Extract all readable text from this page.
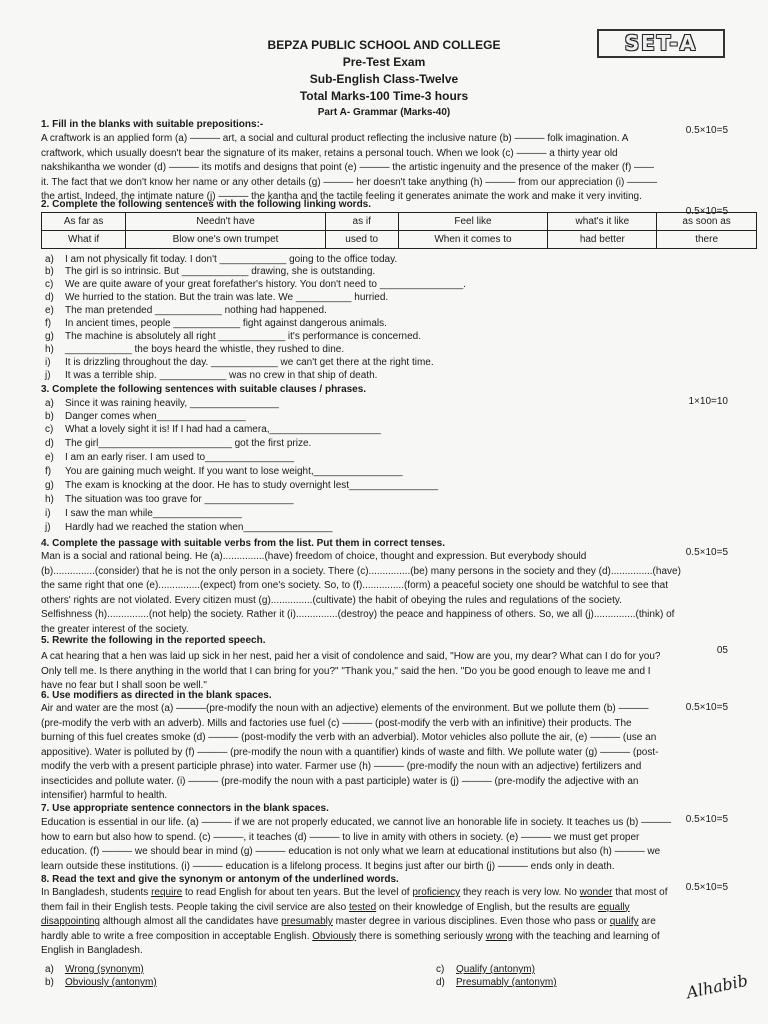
BEPZA PUBLIC SCHOOL AND COLLEGE
Pre-Test Exam
Sub-English Class-Twelve
Total Marks-100 Time-3 hours
Part A- Grammar (Marks-40)
SET-A
1. Fill in the blanks with suitable prepositions:-
0.5×10=5
A craftwork is an applied form (a) ——— art, a social and cultural product reflecting the inclusive nature (b) ——— folk imagination. A
craftwork, which usually doesn't bear the signature of its maker, retains a personal touch. When we look (c) ——— a thirty year old
nakshikantha we wonder (d) ——— its motifs and designs that point (e) ——— the artistic ingenuity and the presence of the maker (f) ——
it. The fact that we don't know her name or any other details (g) ——— her doesn't take anything (h) ——— from our appreciation (i) ———
the artist. Indeed, the intimate nature (j) ——— the kantha and the tactile feeling it generates animate the work and make it very inviting.
2. Complete the following sentences with the following linking words.
0.5×10=5
As far as	Needn't have	as if	Feel like	what's it like	as soon as
What if	Blow one's own trumpet	used to	When it comes to	had better	there
a) I am not physically fit today. I don't ____________ going to the office today.
b) The girl is so intrinsic. But ____________ drawing, she is outstanding.
c) We are quite aware of your great forefather's history. You don't need to _______________.
d) We hurried to the station. But the train was late. We __________ hurried.
e) The man pretended ____________ nothing had happened.
f) In ancient times, people ____________ fight against dangerous animals.
g) The machine is absolutely all right ____________ it's performance is concerned.
h) ____________ the boys heard the whistle, they rushed to dine.
i) It is drizzling throughout the day. ____________ we can't get there at the right time.
j) It was a terrible ship. ____________ was no crew in that ship of death.
3. Complete the following sentences with suitable clauses / phrases.
1×10=10
a) Since it was raining heavily, ________________
b) Danger comes when________________
c) What a lovely sight it is! If I had had a camera,____________________
d) The girl________________________ got the first prize.
e) I am an early riser. I am used to________________
f) You are gaining much weight. If you want to lose weight,________________
g) The exam is knocking at the door. He has to study overnight lest________________
h) The situation was too grave for ________________
i) I saw the man while________________
j) Hardly had we reached the station when________________
4. Complete the passage with suitable verbs from the list. Put them in correct tenses.
0.5×10=5
Man is a social and rational being. He (a)...............(have) freedom of choice, thought and expression. But everybody should
(b)...............(consider) that he is not the only person in a society. There (c)...............(be) many persons in the society and they (d)...............(have)
the same right that one (e)...............(expect) from one's society. So, to (f)...............(form) a peaceful society one should be watchful to see that
others' rights are not violated. Every citizen must (g)...............(cultivate) the habit of obeying the rules and regulations of the society.
Selfishness (h)...............(not help) the society. Rather it (i)...............(destroy) the peace and happiness of others. So, we all (j)...............(think) of
the greater interest of the society.
5. Rewrite the following in the reported speech.
05
A cat hearing that a hen was laid up sick in her nest, paid her a visit of condolence and said, "How are you, my dear? What can I do for you?
Only tell me. Is there anything in the world that I can bring for you?" "Thank you," said the hen. "Do you be good enough to leave me and I
have no fear but I shall soon be well."
6. Use modifiers as directed in the blank spaces.
0.5×10=5
Air and water are the most (a) ———(pre-modify the noun with an adjective) elements of the environment. But we pollute them (b) ———
(pre-modify the verb with an adverb). Mills and factories use fuel (c) ——— (post-modify the verb with an infinitive) their products. The
burning of this fuel creates smoke (d) ——— (post-modify the verb with an adverbial). Motor vehicles also pollute the air, (e) ——— (use an
appositive). Water is polluted by (f) ——— (pre-modify the noun with a quantifier) kinds of waste and filth. We pollute water (g) ——— (post-
modify the verb with a present participle phrase) into water. Farmer use (h) ——— (pre-modify the noun with an adjective) fertilizers and
insecticides and pollute water. (i) ——— (pre-modify the noun with a past participle) water is (j) ——— (pre-modify the adjective with an
intensifier) harmful to health.
7. Use appropriate sentence connectors in the blank spaces.
0.5×10=5
Education is essential in our life. (a) ——— if we are not properly educated, we cannot live an honorable life in society. It teaches us (b) ———
how to earn but also how to spend. (c) ———, it teaches (d) ——— to live in amity with others in society. (e) ——— we must get proper
education. (f) ——— we should bear in mind (g) ——— education is not only what we learn at educational institutions but also (h) ——— we
learn outside these institutions. (i) ——— education is a lifelong process. It begins just after our birth (j) ——— ends only in death.
8. Read the text and give the synonym or antonym of the underlined words.
0.5×10=5
In Bangladesh, students require to read English for about ten years. But the level of proficiency they reach is very low. No wonder that most of
them fail in their English tests. People taking the civil service are also tested on their knowledge of English, but the results are equally
disappointing although almost all the candidates have presumably master degree in various disciplines. Even those who pass or qualify are
hardly able to write a free composition in acceptable English. Obviously there is something seriously wrong with the teaching and learning of
English in Bangladesh.
a) Wrong (synonym)
b) Obviously (antonym)
c) Qualify (antonym)
d) Presumably (antonym)	Alhabib
